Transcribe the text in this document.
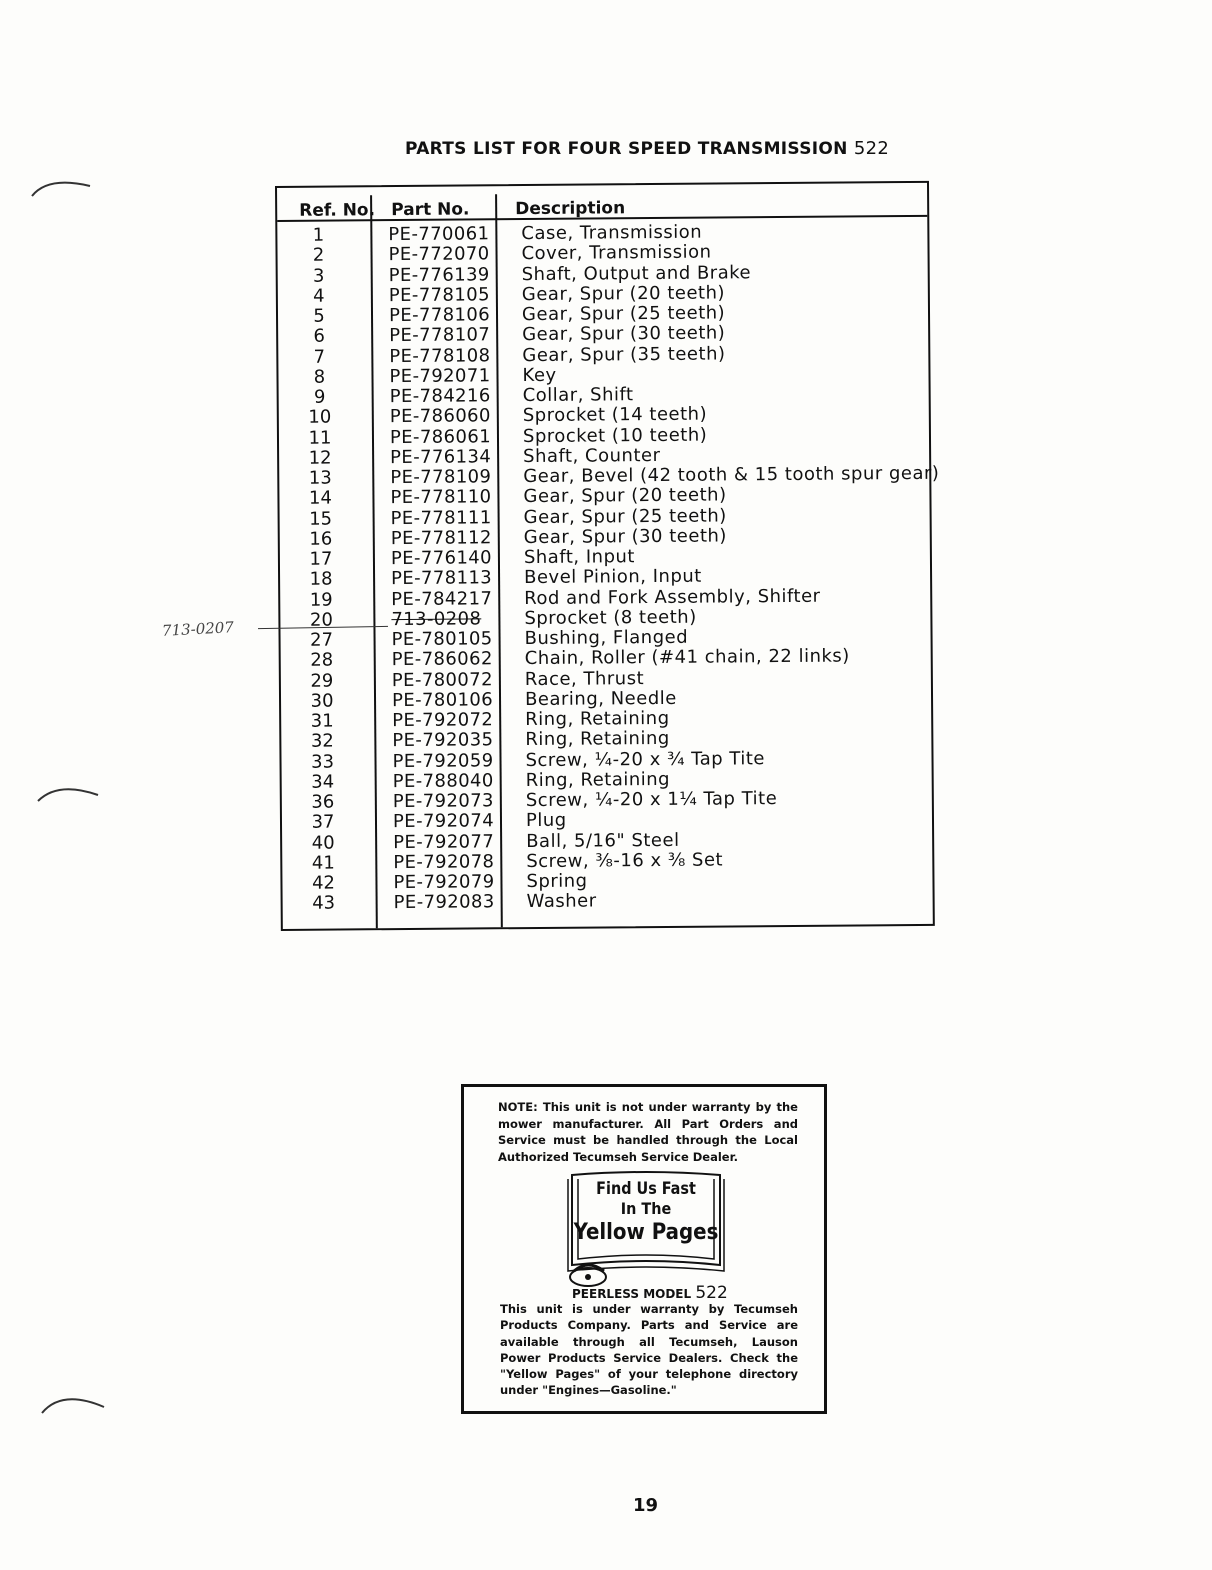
PARTS LIST FOR FOUR SPEED TRANSMISSION 522
Ref. No. Part No.	Description
1	PE-770061 Case, Transmission
2	PE-772070 Cover, Transmission
3	PE-776139 Shaft, Output and Brake
4	PE-778105 Gear, Spur (20 teeth)
5	PE-778106 Gear, Spur (25 teeth)
6	PE-778107 Gear, Spur (30 teeth)
7	PE-778108 Gear, Spur (35 teeth)
8	PE-792071 Key
9	PE-784216 Collar, Shift
10	PE-786060 Sprocket (14 teeth)
11	PE-786061 Sprocket (10 teeth)
12	PE-776134 Shaft, Counter
13	PE-778109 Gear, Bevel (42 tooth & 15 tooth spur gear)
14	PE-778110 Gear, Spur (20 teeth)
15	PE-778111 Gear, Spur (25 teeth)
16	PE-778112 Gear, Spur (30 teeth)
17	PE-776140 Shaft, Input
18	PE-778113 Bevel Pinion, Input
19	PE-784217 Rod and Fork Assembly, Shifter
20	713-0208 Sprocket (8 teeth)
27	PE-780105 Bushing, Flanged
28	PE-786062 Chain, Roller (#41 chain, 22 links)
29	PE-780072 Race, Thrust
30	PE-780106 Bearing, Needle
31	PE-792072 Ring, Retaining
32	PE-792035 Ring, Retaining
33	PE-792059 Screw, ¼-20 x ¾ Tap Tite
34	PE-788040 Ring, Retaining
36	PE-792073 Screw, ¼-20 x 1¼ Tap Tite
37	PE-792074 Plug
40	PE-792077 Ball, 5/16" Steel
41	PE-792078 Screw, ⅜-16 x ⅜ Set
42	PE-792079 Spring
43	PE-792083 Washer
713-0207
NOTE: This unit is not under warranty by the mower manufacturer. All Part Orders and Service must be handled through the Local Authorized Tecumseh Service Dealer.
Find Us Fast
In The
Yellow Pages
PEERLESS MODEL 522
This unit is under warranty by Tecumseh Products Company. Parts and Service are available through all Tecumseh, Lauson Power Products Service Dealers. Check the "Yellow Pages" of your telephone directory under "Engines—Gasoline."
19
